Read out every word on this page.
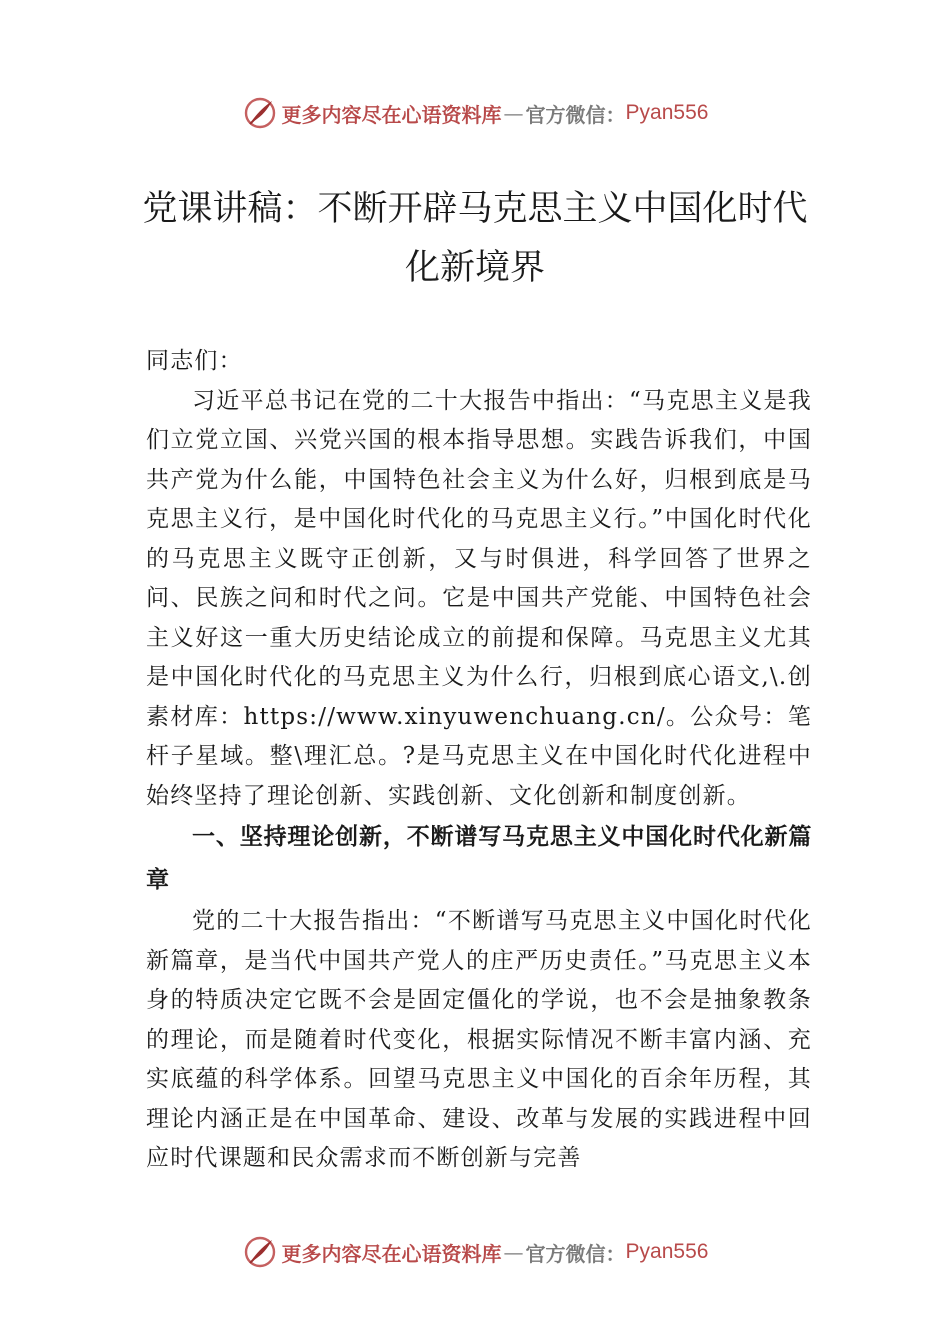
更多内容尽在心语资料库 — 官方微信： Pyan556
党课讲稿：不断开辟马克思主义中国化时代化新境界

同志们：

习近平总书记在党的二十大报告中指出：“马克思主义是我们立党立国、兴党兴国的根本指导思想。实践告诉我们，中国共产党为什么能，中国特色社会主义为什么好，归根到底是马克思主义行，是中国化时代化的马克思主义行。”中国化时代化的马克思主义既守正创新，又与时俱进，科学回答了世界之问、民族之问和时代之问。它是中国共产党能、中国特色社会主义好这一重大历史结论成立的前提和保障。马克思主义尤其是中国化时代化的马克思主义为什么行，归根到底心语文,\.创素材库：https://www.xinyuwenchuang.cn/。公众号：笔杆子星域。整\理汇总。?是马克思主义在中国化时代化进程中始终坚持了理论创新、实践创新、文化创新和制度创新。

一、坚持理论创新，不断谱写马克思主义中国化时代化新篇章

党的二十大报告指出：“不断谱写马克思主义中国化时代化新篇章，是当代中国共产党人的庄严历史责任。”马克思主义本身的特质决定它既不会是固定僵化的学说，也不会是抽象教条的理论，而是随着时代变化，根据实际情况不断丰富内涵、充实底蕴的科学体系。回望马克思主义中国化的百余年历程，其理论内涵正是在中国革命、建设、改革与发展的实践进程中回应时代课题和民众需求而不断创新与完善

更多内容尽在心语资料库 — 官方微信： Pyan556
